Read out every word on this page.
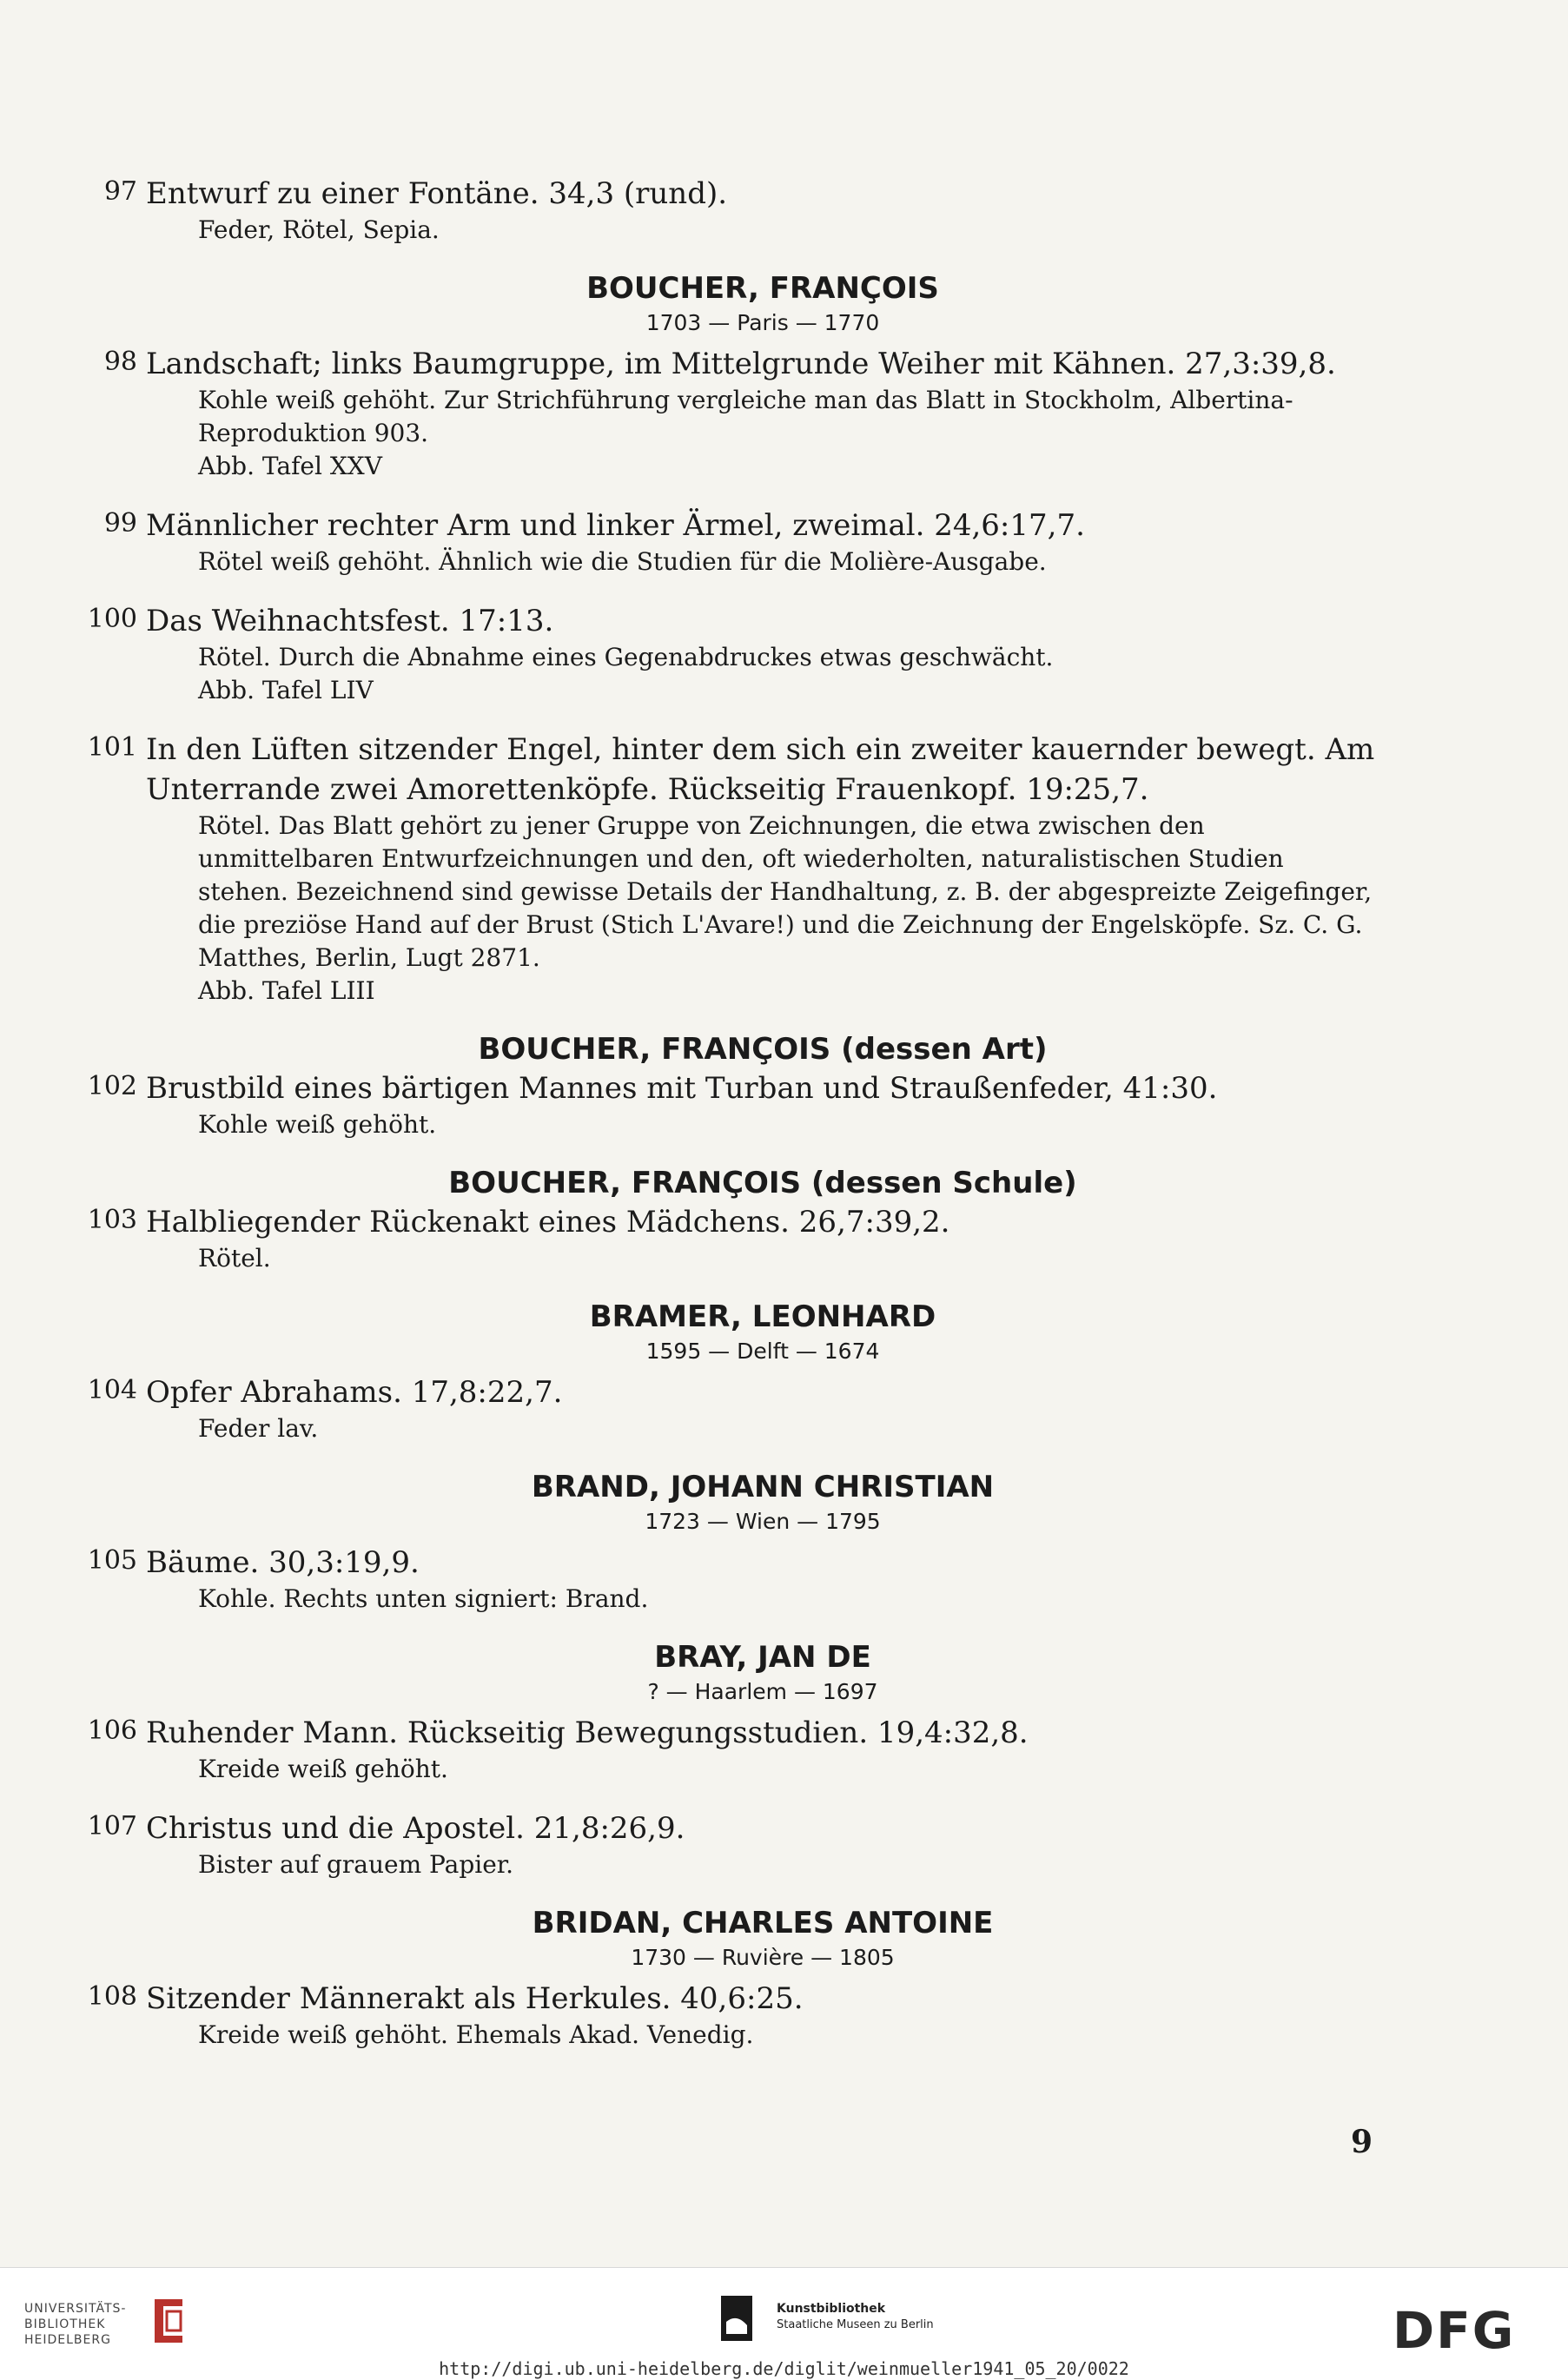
97 Entwurf zu einer Fontäne. 34,3 (rund).
Feder, Rötel, Sepia.
BOUCHER, FRANÇOIS
1703 — Paris — 1770
98 Landschaft; links Baumgruppe, im Mittelgrunde Weiher mit Kähnen. 27,3:39,8.
Kohle weiß gehöht. Zur Strichführung vergleiche man das Blatt in Stockholm, Albertina-Reproduktion 903.
Abb. Tafel XXV
99 Männlicher rechter Arm und linker Ärmel, zweimal. 24,6:17,7.
Rötel weiß gehöht. Ähnlich wie die Studien für die Molière-Ausgabe.
100 Das Weihnachtsfest. 17:13.
Rötel. Durch die Abnahme eines Gegenabdruckes etwas geschwächt.
Abb. Tafel LIV
101 In den Lüften sitzender Engel, hinter dem sich ein zweiter kauernder bewegt. Am Unterrande zwei Amorettenköpfe. Rückseitig Frauenkopf. 19:25,7.
Rötel. Das Blatt gehört zu jener Gruppe von Zeichnungen, die etwa zwischen den unmittelbaren Entwurfzeichnungen und den, oft wiederholten, naturalistischen Studien stehen. Bezeichnend sind gewisse Details der Handhaltung, z. B. der abgespreizte Zeigefinger, die preziöse Hand auf der Brust (Stich L'Avare!) und die Zeichnung der Engelsköpfe. Sz. C. G. Matthes, Berlin, Lugt 2871.
Abb. Tafel LIII
BOUCHER, FRANÇOIS (dessen Art)
102 Brustbild eines bärtigen Mannes mit Turban und Straußenfeder, 41:30.
Kohle weiß gehöht.
BOUCHER, FRANÇOIS (dessen Schule)
103 Halbliegender Rückenakt eines Mädchens. 26,7:39,2.
Rötel.
BRAMER, LEONHARD
1595 — Delft — 1674
104 Opfer Abrahams. 17,8:22,7.
Feder lav.
BRAND, JOHANN CHRISTIAN
1723 — Wien — 1795
105 Bäume. 30,3:19,9.
Kohle. Rechts unten signiert: Brand.
BRAY, JAN DE
? — Haarlem — 1697
106 Ruhender Mann. Rückseitig Bewegungsstudien. 19,4:32,8.
Kreide weiß gehöht.
107 Christus und die Apostel. 21,8:26,9.
Bister auf grauem Papier.
BRIDAN, CHARLES ANTOINE
1730 — Ruvière — 1805
108 Sitzender Männerakt als Herkules. 40,6:25.
Kreide weiß gehöht. Ehemals Akad. Venedig.
9
UNIVERSITÄTS-
BIBLIOTHEK
HEIDELBERG
Kunstbibliothek
Staatliche Museen zu Berlin	DFG
http://digi.ub.uni-heidelberg.de/diglit/weinmueller1941_05_20/0022
